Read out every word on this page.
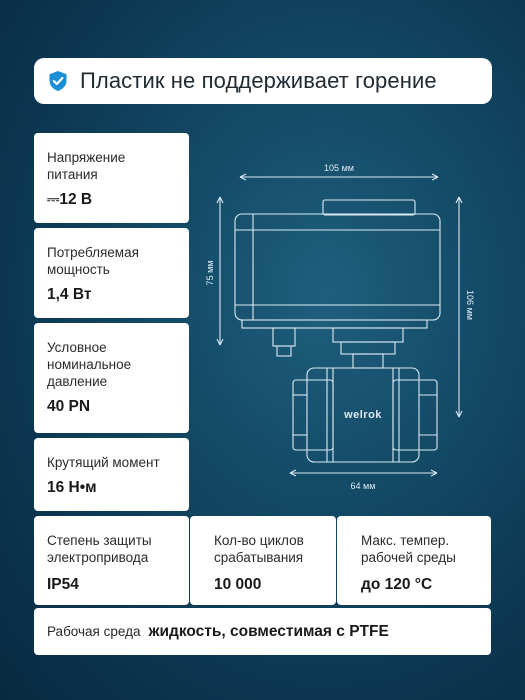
Пластик не поддерживает горение
Напряжение питания
⎓12 В
Потребляемая мощность
1,4 Вт
Условное номинальное давление
40 PN
Крутящий момент
16 Н•м
Степень защиты электропривода
IP54
Кол-во циклов срабатывания
10 000
Макс. темпер. рабочей среды
до 120 °C
Рабочая среда жидкость, совместимая с PTFE
105 мм
75 мм
106 мм
64 мм
welrok
